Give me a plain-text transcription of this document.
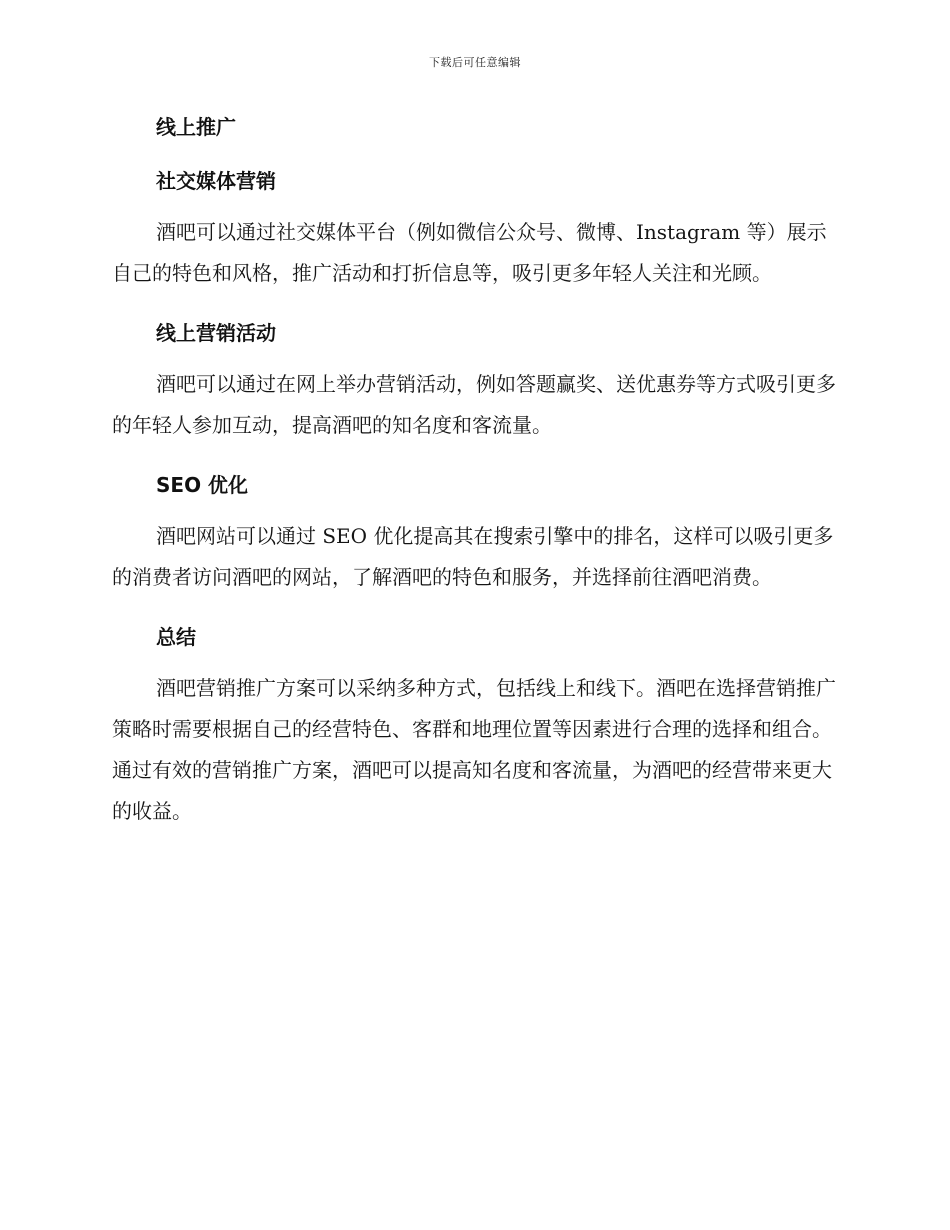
下载后可任意编辑
线上推广
社交媒体营销

酒吧可以通过社交媒体平台（例如微信公众号、微博、Instagram 等）展示自己的特色和风格，推广活动和打折信息等，吸引更多年轻人关注和光顾。

线上营销活动

酒吧可以通过在网上举办营销活动，例如答题赢奖、送优惠券等方式吸引更多的年轻人参加互动，提高酒吧的知名度和客流量。

SEO 优化

酒吧网站可以通过 SEO 优化提高其在搜索引擎中的排名，这样可以吸引更多的消费者访问酒吧的网站，了解酒吧的特色和服务，并选择前往酒吧消费。

总结

酒吧营销推广方案可以采纳多种方式，包括线上和线下。酒吧在选择营销推广策略时需要根据自己的经营特色、客群和地理位置等因素进行合理的选择和组合。通过有效的营销推广方案，酒吧可以提高知名度和客流量，为酒吧的经营带来更大的收益。
